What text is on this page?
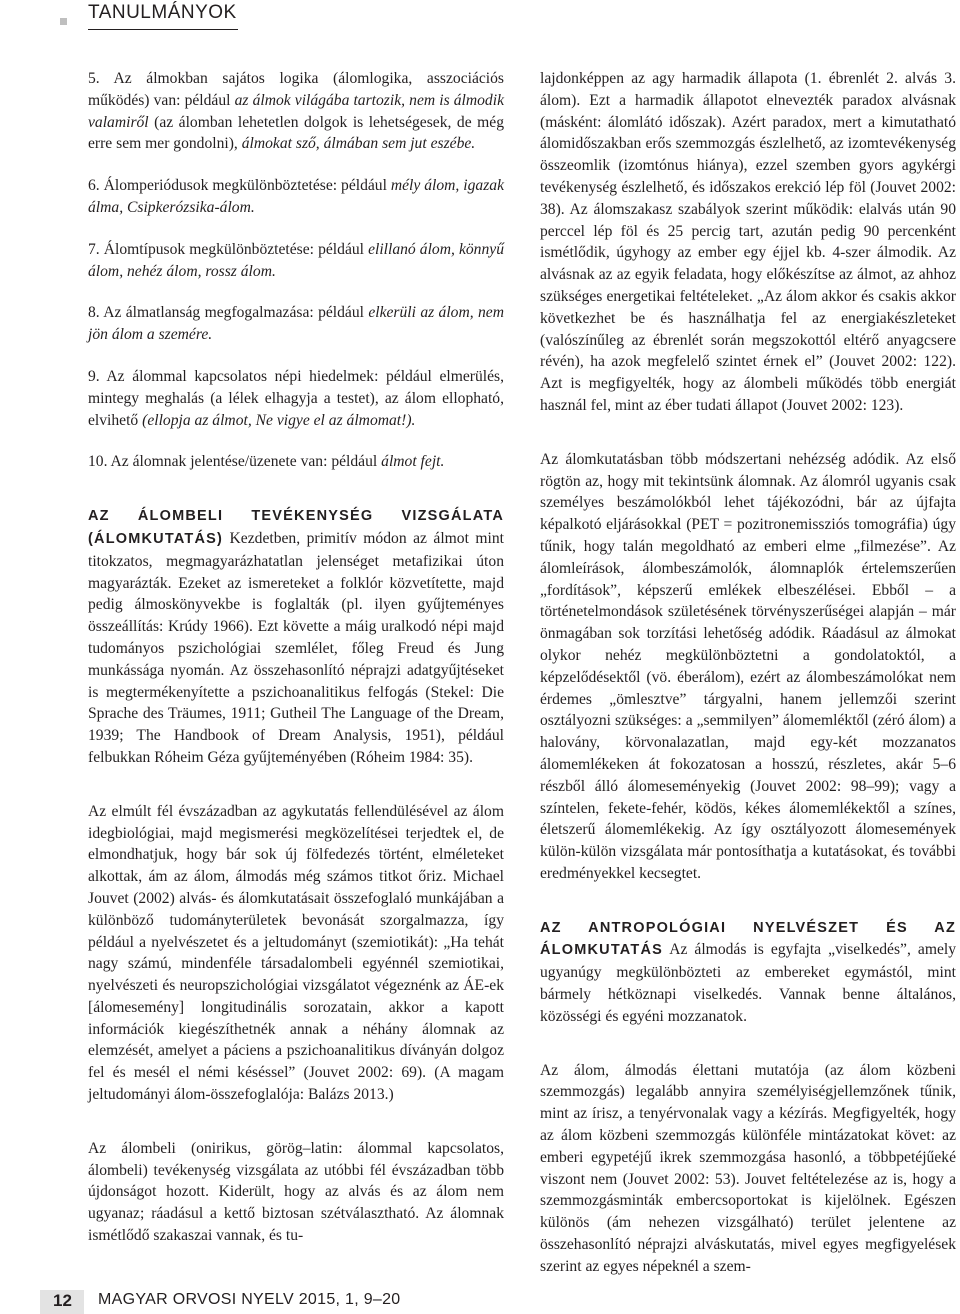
TANULMÁNYOK

5. Az álmokban sajátos logika (álomlogika, asszociációs működés) van: például az álmok világába tartozik, nem is álmodik valamiről (az álomban lehetetlen dolgok is lehetségesek, de még erre sem mer gondolni), álmokat sző, álmában sem jut eszébe.

6. Álomperiódusok megkülönböztetése: például mély álom, igazak álma, Csipkerózsika-álom.

7. Álomtípusok megkülönböztetése: például elillanó álom, könnyű álom, nehéz álom, rossz álom.

8. Az álmatlanság megfogalmazása: például elkerüli az álom, nem jön álom a szemére.

9. Az álommal kapcsolatos népi hiedelmek: például elmerülés, mintegy meghalás (a lélek elhagyja a testet), az álom ellopható, elvihető (ellopja az álmot, Ne vigye el az álmomat!).

10. Az álomnak jelentése/üzenete van: például álmot fejt.

AZ ÁLOMBELI TEVÉKENYSÉG VIZSGÁLATA (ÁLOMKUTATÁS) Kezdetben, primitív módon az álmot mint titokzatos, megmagyarázhatatlan jelenséget metafizikai úton magyarázták. Ezeket az ismereteket a folklór közvetítette, majd pedig álmoskönyvekbe is foglalták (pl. ilyen gyűjteményes összeállítás: Krúdy 1966). Ezt követte a máig uralkodó népi majd tudományos pszichológiai szemlélet, főleg Freud és Jung munkássága nyomán. Az összehasonlító néprajzi adatgyűjtéseket is megtermékenyítette a pszichoanalitikus felfogás (Stekel: Die Sprache des Träumes, 1911; Gutheil The Language of the Dream, 1939; The Handbook of Dream Analysis, 1951), például felbukkan Róheim Géza gyűjteményében (Róheim 1984: 35).

Az elmúlt fél évszázadban az agykutatás fellendülésével az álom idegbiológiai, majd megismerési megközelítései terjedtek el, de elmondhatjuk, hogy bár sok új fölfedezés történt, elméleteket alkottak, ám az álom, álmodás még számos titkot őriz. Michael Jouvet (2002) alvás- és álomkutatásait összefoglaló munkájában a különböző tudományterületek bevonását szorgalmazza, így például a nyelvészetet és a jeltudományt (szemiotikát): „Ha tehát nagy számú, mindenféle társadalombeli egyénnél szemiotikai, nyelvészeti és neuropszichológiai vizsgálatot végeznénk az ÁE-ek [álomesemény] longitudinális sorozatain, akkor a kapott információk kiegészíthetnék annak a néhány álomnak az elemzését, amelyet a páciens a pszichoanalitikus díványán dolgoz fel és mesél el némi késéssel” (Jouvet 2002: 69). (A magam jeltudományi álom-összefoglalója: Balázs 2013.)

Az álombeli (onirikus, görög–latin: álommal kapcsolatos, álombeli) tevékenység vizsgálata az utóbbi fél évszázadban több újdonságot hozott. Kiderült, hogy az alvás és az álom nem ugyanaz; ráadásul a kettő biztosan szétválasztható. Az álomnak ismétlődő szakaszai vannak, és tu-

lajdonképpen az agy harmadik állapota (1. ébrenlét 2. alvás 3. álom). Ezt a harmadik állapotot elnevezték paradox alvásnak (másként: álomlátó időszak). Azért paradox, mert a kimutatható álomidőszakban erős szemmozgás észlelhető, az izomtevékenység összeomlik (izomtónus hiánya), ezzel szemben gyors agykérgi tevékenység észlelhető, és időszakos erekció lép föl (Jouvet 2002: 38). Az álomszakasz szabályok szerint működik: elalvás után 90 perccel lép föl és 25 percig tart, azután pedig 90 percenként ismétlődik, úgyhogy az ember egy éjjel kb. 4-szer álmodik. Az alvásnak az az egyik feladata, hogy előkészítse az álmot, az ahhoz szükséges energetikai feltételeket. „Az álom akkor és csakis akkor következhet be és használhatja fel az energiakészleteket (valószínűleg az ébrenlét során megszokottól eltérő anyagcsere révén), ha azok megfelelő szintet érnek el” (Jouvet 2002: 122). Azt is megfigyelték, hogy az álombeli működés több energiát használ fel, mint az éber tudati állapot (Jouvet 2002: 123).

Az álomkutatásban több módszertani nehézség adódik. Az első rögtön az, hogy mit tekintsünk álomnak. Az álomról ugyanis csak személyes beszámolókból lehet tájékozódni, bár az újfajta képalkotó eljárásokkal (PET = pozitronemissziós tomográfia) úgy tűnik, hogy talán megoldható az emberi elme „filmezése”. Az álomleírások, álombeszámolók, álomnaplók értelemszerűen „fordítások”, képszerű emlékek elbeszélései. Ebből – a történetelmondások születésének törvényszerűségei alapján – már önmagában sok torzítási lehetőség adódik. Ráadásul az álmokat olykor nehéz megkülönböztetni a gondolatoktól, a képzelődésektől (vö. éberálom), ezért az álombeszámolókat nem érdemes „ömlesztve” tárgyalni, hanem jellemzői szerint osztályozni szükséges: a „semmilyen” álomemléktől (zéró álom) a halovány, körvonalazatlan, majd egy-két mozzanatos álomemlékeken át fokozatosan a hosszú, részletes, akár 5–6 részből álló álomeseményekig (Jouvet 2002: 98–99); vagy a színtelen, fekete-fehér, ködös, kékes álomemlékektől a színes, életszerű álomemlékekig. Az így osztályozott álomesemények külön-külön vizsgálata már pontosíthatja a kutatásokat, és további eredményekkel kecsegtet.

AZ ANTROPOLÓGIAI NYELVÉSZET ÉS AZ ÁLOMKUTATÁS Az álmodás is egyfajta „viselkedés”, amely ugyanúgy megkülönbözteti az embereket egymástól, mint bármely hétköznapi viselkedés. Vannak benne általános, közösségi és egyéni mozzanatok.

Az álom, álmodás élettani mutatója (az álom közbeni szemmozgás) legalább annyira személyiségjellemzőnek tűnik, mint az írisz, a tenyérvonalak vagy a kézírás. Megfigyelték, hogy az álom közbeni szemmozgás különféle mintázatokat követ: az emberi egypetéjű ikrek szemmozgása hasonló, a többpetéjűeké viszont nem (Jouvet 2002: 53). Jouvet feltételezése az is, hogy a szemmozgásminták embercsoportokat is kijelölnek. Egészen különös (ám nehezen vizsgálható) terület jelentene az összehasonlító néprajzi alváskutatás, mivel egyes megfigyelések szerint az egyes népeknél a szem-

12 MAGYAR ORVOSI NYELV 2015, 1, 9–20
